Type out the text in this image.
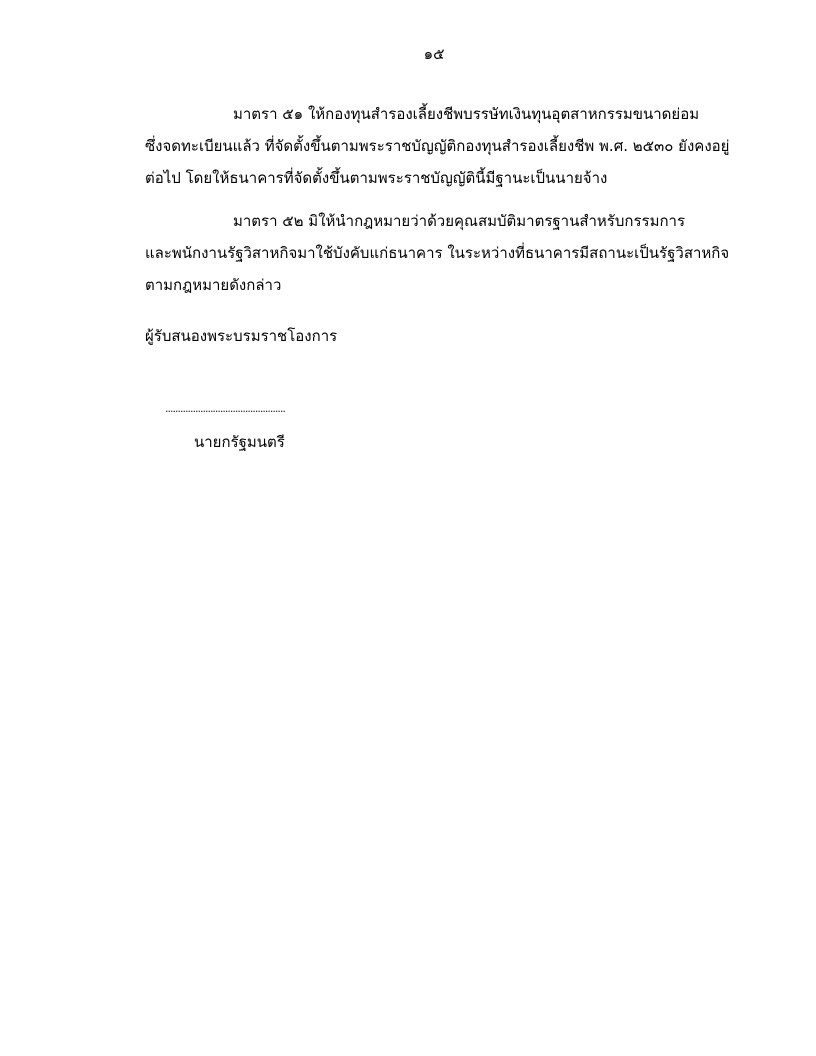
๑๕
มาตรา ๕๑ ให้กองทุนสำรองเลี้ยงชีพบรรษัทเงินทุนอุตสาหกรรมขนาดย่อม
ซึ่งจดทะเบียนแล้ว ที่จัดตั้งขึ้นตามพระราชบัญญัติกองทุนสำรองเลี้ยงชีพ พ.ศ. ๒๕๓๐ ยังคงอยู่
ต่อไป โดยให้ธนาคารที่จัดตั้งขึ้นตามพระราชบัญญัตินี้มีฐานะเป็นนายจ้าง
มาตรา ๕๒ มิให้นำกฎหมายว่าด้วยคุณสมบัติมาตรฐานสำหรับกรรมการ
และพนักงานรัฐวิสาหกิจมาใช้บังคับแก่ธนาคาร ในระหว่างที่ธนาคารมีสถานะเป็นรัฐวิสาหกิจ
ตามกฎหมายดังกล่าว
ผู้รับสนองพระบรมราชโองการ
................................................
นายกรัฐมนตรี
